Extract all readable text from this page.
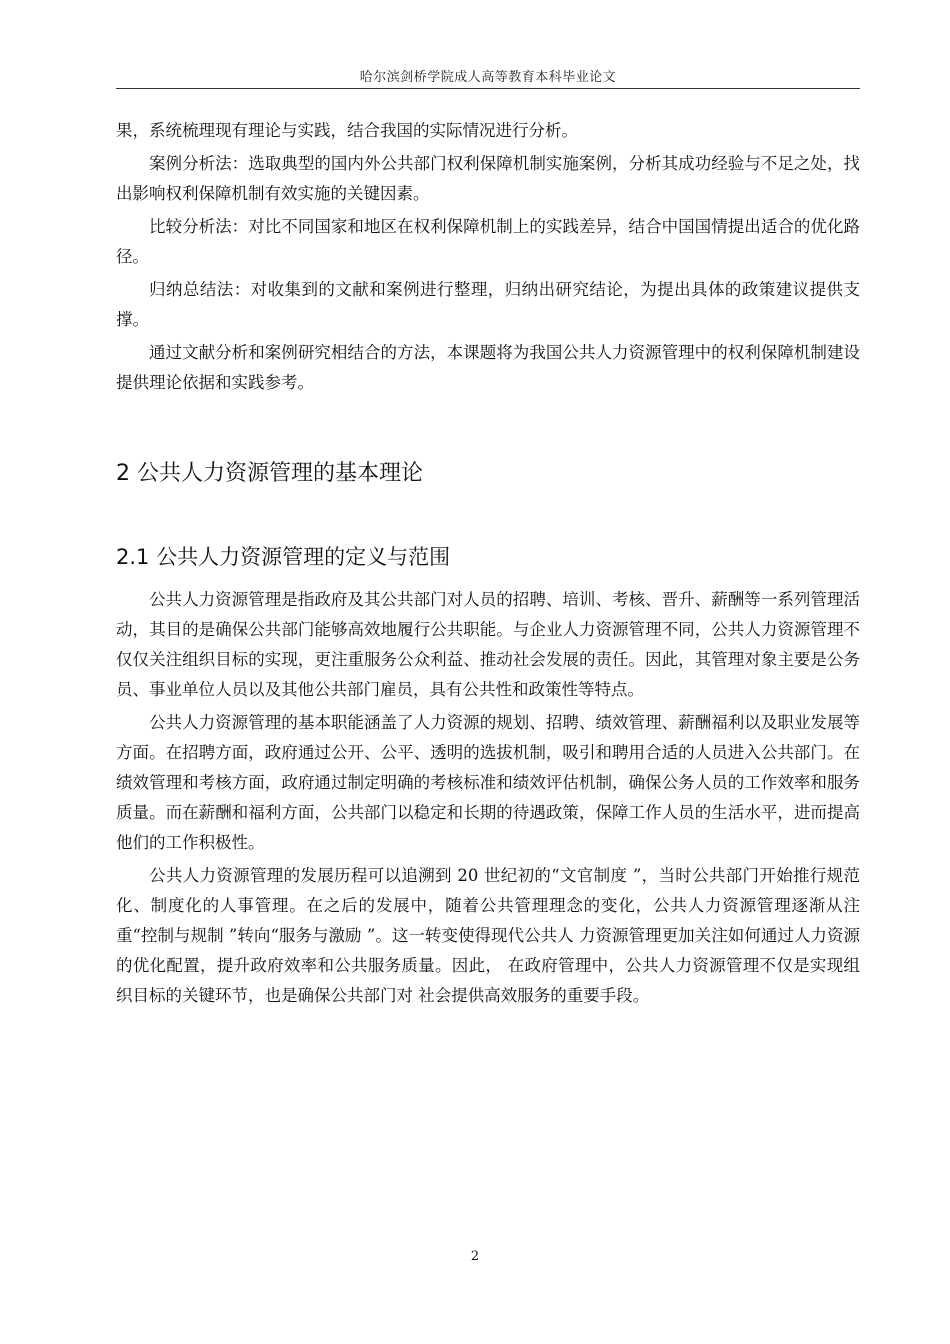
哈尔滨剑桥学院成人高等教育本科毕业论文

果，系统梳理现有理论与实践，结合我国的实际情况进行分析。

案例分析法：选取典型的国内外公共部门权利保障机制实施案例，分析其成功经验与不足之处，找出影响权利保障机制有效实施的关键因素。

比较分析法：对比不同国家和地区在权利保障机制上的实践差异，结合中国国情提出适合的优化路径。

归纳总结法：对收集到的文献和案例进行整理，归纳出研究结论，为提出具体的政策建议提供支撑。

通过文献分析和案例研究相结合的方法，本课题将为我国公共人力资源管理中的权利保障机制建设提供理论依据和实践参考。

2 公共人力资源管理的基本理论
2.1 公共人力资源管理的定义与范围

公共人力资源管理是指政府及其公共部门对人员的招聘、培训、考核、晋升、薪酬等一系列管理活动，其目的是确保公共部门能够高效地履行公共职能。与企业人力资源管理不同，公共人力资源管理不仅仅关注组织目标的实现，更注重服务公众利益、推动社会发展的责任。因此，其管理对象主要是公务员、事业单位人员以及其他公共部门雇员，具有公共性和政策性等特点。

公共人力资源管理的基本职能涵盖了人力资源的规划、招聘、绩效管理、薪酬福利以及职业发展等方面。在招聘方面，政府通过公开、公平、透明的选拔机制，吸引和聘用合适的人员进入公共部门。在绩效管理和考核方面，政府通过制定明确的考核标准和绩效评估机制，确保公务人员的工作效率和服务质量。而在薪酬和福利方面，公共部门以稳定和长期的待遇政策，保障工作人员的生活水平，进而提高他们的工作积极性。

公共人力资源管理的发展历程可以追溯到 20 世纪初的“文官制度 ”，当时公共部门开始推行规范化、制度化的人事管理。在之后的发展中，随着公共管理理念的变化，公共人力资源管理逐渐从注重“控制与规制 ”转向“服务与激励 ”。这一转变使得现代公共人 力资源管理更加关注如何通过人力资源的优化配置，提升政府效率和公共服务质量。因此， 在政府管理中，公共人力资源管理不仅是实现组织目标的关键环节，也是确保公共部门对 社会提供高效服务的重要手段。

2
